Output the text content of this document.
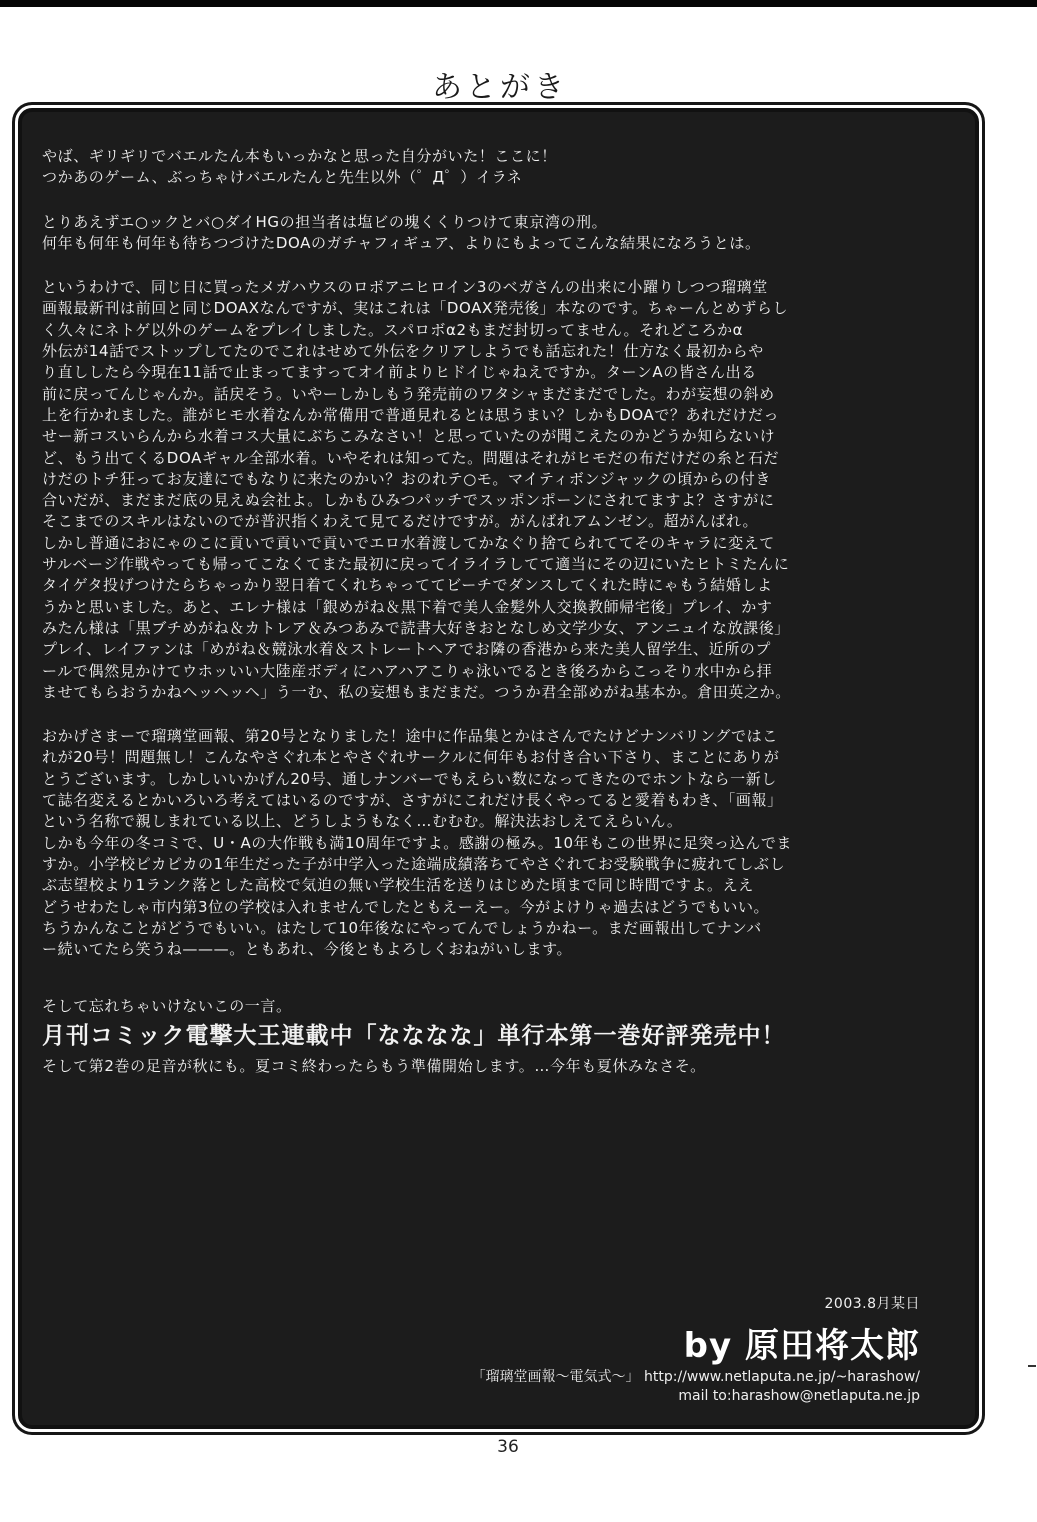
あとがき

やば、ギリギリでバエルたん本もいっかなと思った自分がいた！ここに！

つかあのゲーム、ぶっちゃけバエルたんと先生以外（゜Д゜）イラネ

とりあえずエ○ックとバ○ダイHGの担当者は塩ビの塊くくりつけて東京湾の刑。

何年も何年も何年も待ちつづけたDOAのガチャフィギュア、よりにもよってこんな結果になろうとは。

というわけで、同じ日に買ったメガハウスのロボアニヒロイン3のベガさんの出来に小躍りしつつ瑠璃堂

画報最新刊は前回と同じDOAXなんですが、実はこれは「DOAX発売後」本なのです。ちゃーんとめずらし

く久々にネトゲ以外のゲームをプレイしました。スパロボα2もまだ封切ってません。それどころかα

外伝が14話でストップしてたのでこれはせめて外伝をクリアしようでも話忘れた！仕方なく最初からや

り直ししたら今現在11話で止まってますってオイ前よりヒドイじゃねえですか。ターンAの皆さん出る

前に戻ってんじゃんか。話戻そう。いやーしかしもう発売前のワタシャまだまだでした。わが妄想の斜め

上を行かれました。誰がヒモ水着なんか常備用で普通見れるとは思うまい？しかもDOAで？あれだけだっ

せー新コスいらんから水着コス大量にぶちこみなさい！と思っていたのが聞こえたのかどうか知らないけ

ど、もう出てくるDOAギャル全部水着。いやそれは知ってた。問題はそれがヒモだの布だけだの糸と石だ

けだのトチ狂ってお友達にでもなりに来たのかい？おのれテ○モ。マイティボンジャックの頃からの付き

合いだが、まだまだ底の見えぬ会社よ。しかもひみつパッチでスッポンポーンにされてますよ？さすがに

そこまでのスキルはないのでが普沢指くわえて見てるだけですが。がんばれアムンゼン。超がんばれ。

しかし普通におにゃのこに貢いで貢いで貢いでエロ水着渡してかなぐり捨てられててそのキャラに変えて

サルベージ作戦やっても帰ってこなくてまた最初に戻ってイライラしてて適当にその辺にいたヒトミたんに

タイゲタ投げつけたらちゃっかり翌日着てくれちゃっててビーチでダンスしてくれた時にゃもう結婚しよ

うかと思いました。あと、エレナ様は「銀めがね＆黒下着で美人金髪外人交換教師帰宅後」プレイ、かす

みたん様は「黒ブチめがね＆カトレア＆みつあみで読書大好きおとなしめ文学少女、アンニュイな放課後」

プレイ、レイファンは「めがね＆競泳水着＆ストレートヘアでお隣の香港から来た美人留学生、近所のプ

ールで偶然見かけてウホッいい大陸産ボディにハアハアこりゃ泳いでるとき後ろからこっそり水中から拝

ませてもらおうかねヘッヘッヘ」う一む、私の妄想もまだまだ。つうか君全部めがね基本か。倉田英之か。

おかげさまーで瑠璃堂画報、第20号となりました！途中に作品集とかはさんでたけどナンバリングではこ

れが20号！問題無し！こんなやさぐれ本とやさぐれサークルに何年もお付き合い下さり、まことにありが

とうございます。しかしいいかげん20号、通しナンバーでもえらい数になってきたのでホントなら一新し

て誌名変えるとかいろいろ考えてはいるのですが、さすがにこれだけ長くやってると愛着もわき、「画報」

という名称で親しまれている以上、どうしようもなく…むむむ。解決法おしえてえらいん。

しかも今年の冬コミで、U・Aの大作戦も満10周年ですよ。感謝の極み。10年もこの世界に足突っ込んでま

すか。小学校ピカピカの1年生だった子が中学入った途端成績落ちてやさぐれてお受験戦争に疲れてしぶし

ぶ志望校より1ランク落とした高校で気迫の無い学校生活を送りはじめた頃まで同じ時間ですよ。ええ

どうせわたしゃ市内第3位の学校は入れませんでしたともえーえー。今がよけりゃ過去はどうでもいい。

ちうかんなことがどうでもいい。はたして10年後なにやってんでしょうかねー。まだ画報出してナンバ

ー続いてたら笑うね———。ともあれ、今後ともよろしくおねがいします。

そして忘れちゃいけないこの一言。

月刊コミック電撃大王連載中「なななな」単行本第一巻好評発売中！

そして第2巻の足音が秋にも。夏コミ終わったらもう準備開始します。…今年も夏休みなさそ。

2003.8月某日
by 原田将太郎
「瑠璃堂画報〜電気式〜」 http://www.netlaputa.ne.jp/~harashow/
mail to:harashow@netlaputa.ne.jp
36
